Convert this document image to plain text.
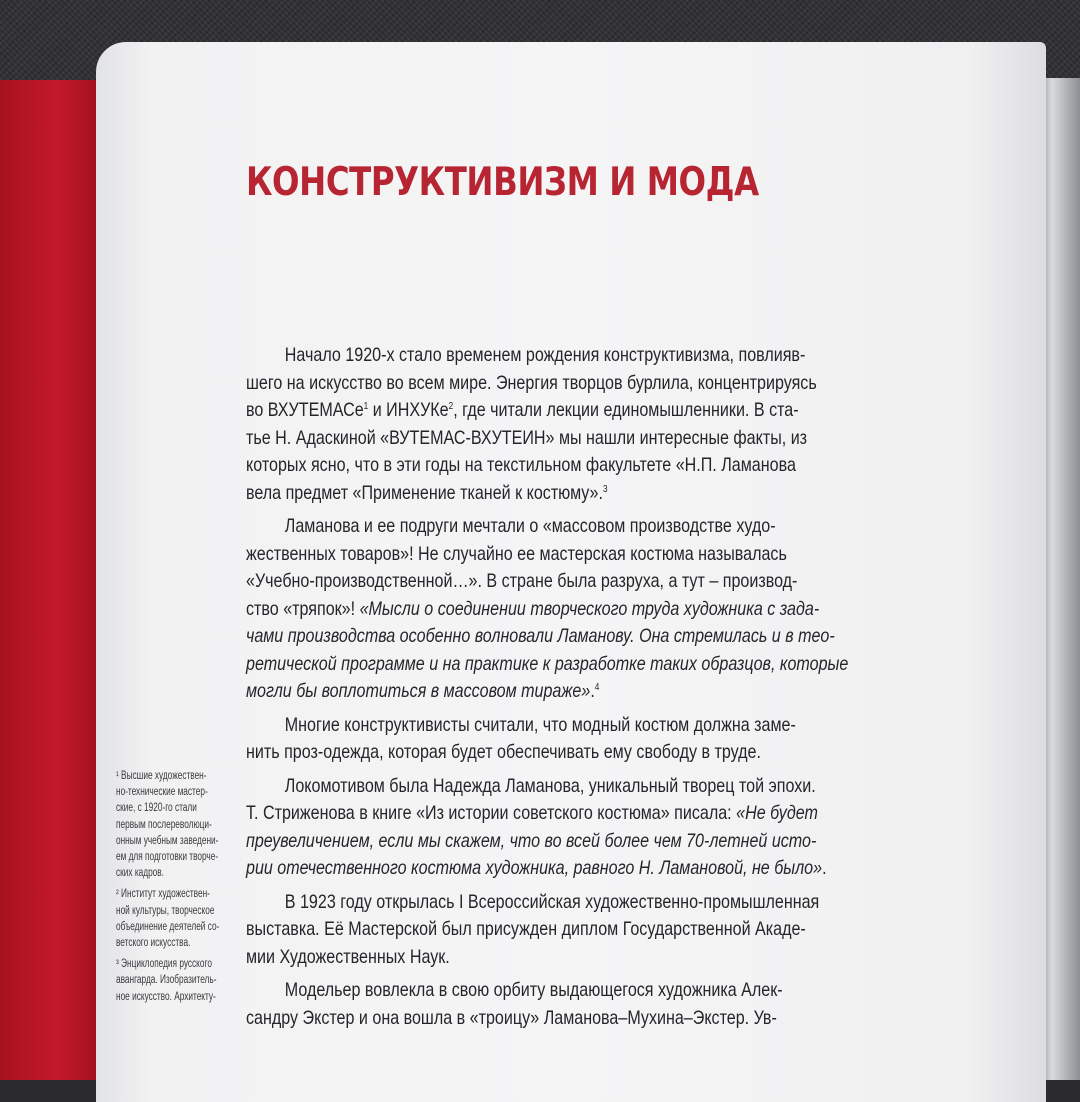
КОНСТРУКТИВИЗМ И МОДА

Начало 1920-х стало временем рождения конструктивизма, повлияв-
шего на искусство во всем мире. Энергия творцов бурлила, концентрируясь
во ВХУТЕМАСе$^1$ и ИНХУКе$^2$, где читали лекции единомышленники. В ста-
тье Н. Адаскиной «ВУТЕМАС-ВХУТЕИН» мы нашли интересные факты, из
которых ясно, что в эти годы на текстильном факультете «Н.П. Ламанова
вела предмет «Применение тканей к костюму».$^3$

Ламанова и ее подруги мечтали о «массовом производстве худо-
жественных товаров»! Не случайно ее мастерская костюма называлась
«Учебно-производственной…». В стране была разруха, а тут – производ-
ство «тряпок»! «Мысли о соединении творческого труда художника с зада-
чами производства особенно волновали Ламанову. Она стремилась и в тео-
ретической программе и на практике к разработке таких образцов, которые
могли бы воплотиться в массовом тираже».$^4$

Многие конструктивисты считали, что модный костюм должна заме-
нить проз-одежда, которая будет обеспечивать ему свободу в труде.

Локомотивом была Надежда Ламанова, уникальный творец той эпохи.
Т. Стриженова в книге «Из истории советского костюма» писала: «Не будет
преувеличением, если мы скажем, что во всей более чем 70-летней исто-
рии отечественного костюма художника, равного Н. Ламановой, не было».

В 1923 году открылась I Всероссийская художественно-промышленная
выставка. Её Мастерской был присужден диплом Государственной Акаде-
мии Художественных Наук.

Модельер вовлекла в свою орбиту выдающегося художника Алек-
сандру Экстер и она вошла в «троицу» Ламанова–Мухина–Экстер. Ув-

¹ Высшие художествен-
но-технические мастер-
ские, с 1920-го стали
первым послереволюци-
онным учебным заведени-
ем для подготовки творче-
ских кадров.
² Институт художествен-
ной культуры, творческое
объединение деятелей со-
ветского искусства.
³ Энциклопедия русского
авангарда. Изобразитель-
ное искусство. Архитекту-
